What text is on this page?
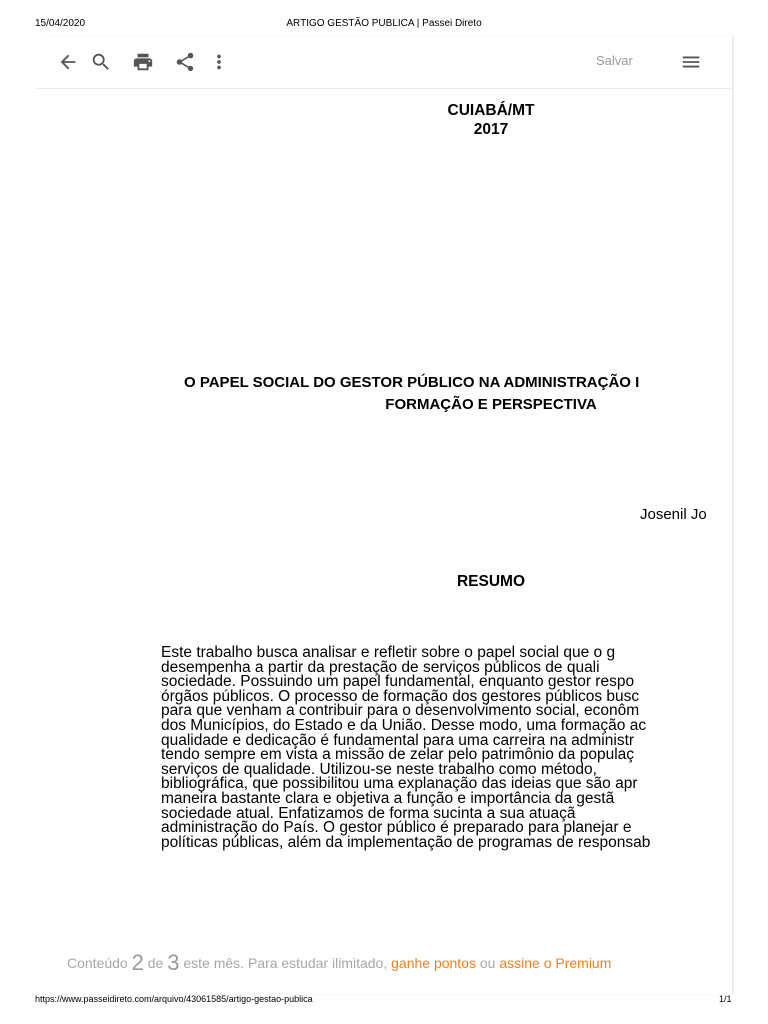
15/04/2020	ARTIGO GESTÃO PUBLICA | Passei Direto
Salvar
CUIABÁ/MT
2017
O PAPEL SOCIAL DO GESTOR PÚBLICO NA ADMINISTRAÇÃO I
FORMAÇÃO E PERSPECTIVA
Josenil Jo
RESUMO
Este trabalho busca analisar e refletir sobre o papel social que o g
desempenha a partir da prestação de serviços públicos de quali
sociedade. Possuindo um papel fundamental, enquanto gestor respo
órgãos públicos. O processo de formação dos gestores públicos busc
para que venham a contribuir para o desenvolvimento social, econôm
dos Municípios, do Estado e da União. Desse modo, uma formação ac
qualidade e dedicação é fundamental para uma carreira na administr
tendo sempre em vista a missão de zelar pelo patrimônio da populaç
serviços de qualidade. Utilizou-se neste trabalho como método,
bibliográfica, que possibilitou uma explanação das ideias que são apr
maneira bastante clara e objetiva a função e importância da gestã
sociedade atual. Enfatizamos de forma sucinta a sua atuaçã
administração do País. O gestor público é preparado para planejar e
políticas públicas, além da implementação de programas de responsab
Conteúdo 2 de 3 este mês. Para estudar ilimitado, ganhe pontos ou assine o Premium
https://www.passeidireto.com/arquivo/43061585/artigo-gestao-publica	1/1
